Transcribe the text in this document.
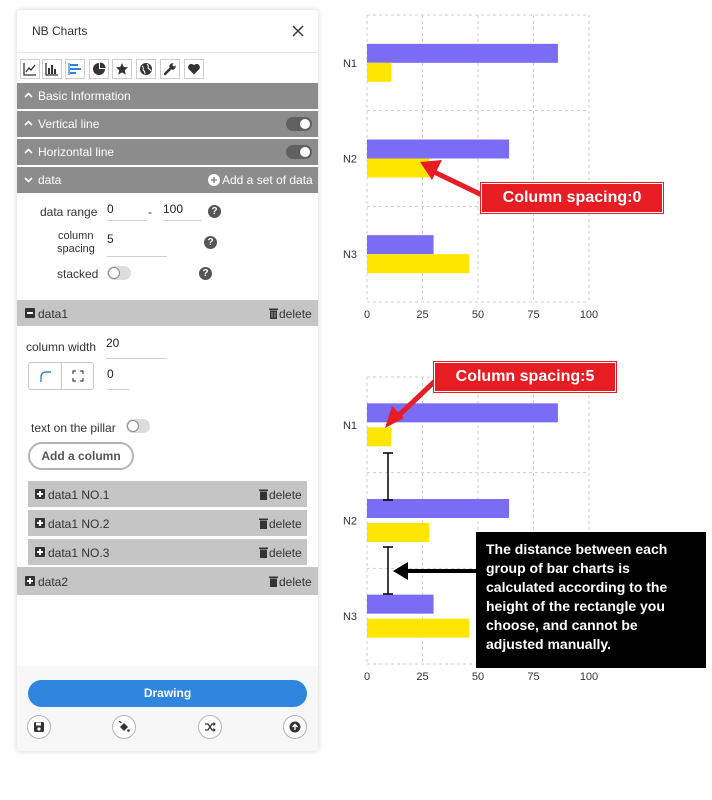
NB Charts
Basic Information
Vertical line
Horizontal line
data	Add a set of data
data range 0	- 100	?
column
spacing
5	?
stacked	?
data1	delete
column width 20
0
text on the pillar
Add a column
data1 NO.1	delete
data1 NO.2	delete
data1 NO.3	delete
data2	delete
Drawing
0	25	50	75	100
N1
N2
N3
0	25	50	75	100
N1
N2
N3
Column spacing:0
Column spacing:5
The distance between each group of bar charts is calculated according to the height of the rectangle you choose, and cannot be adjusted manually.
